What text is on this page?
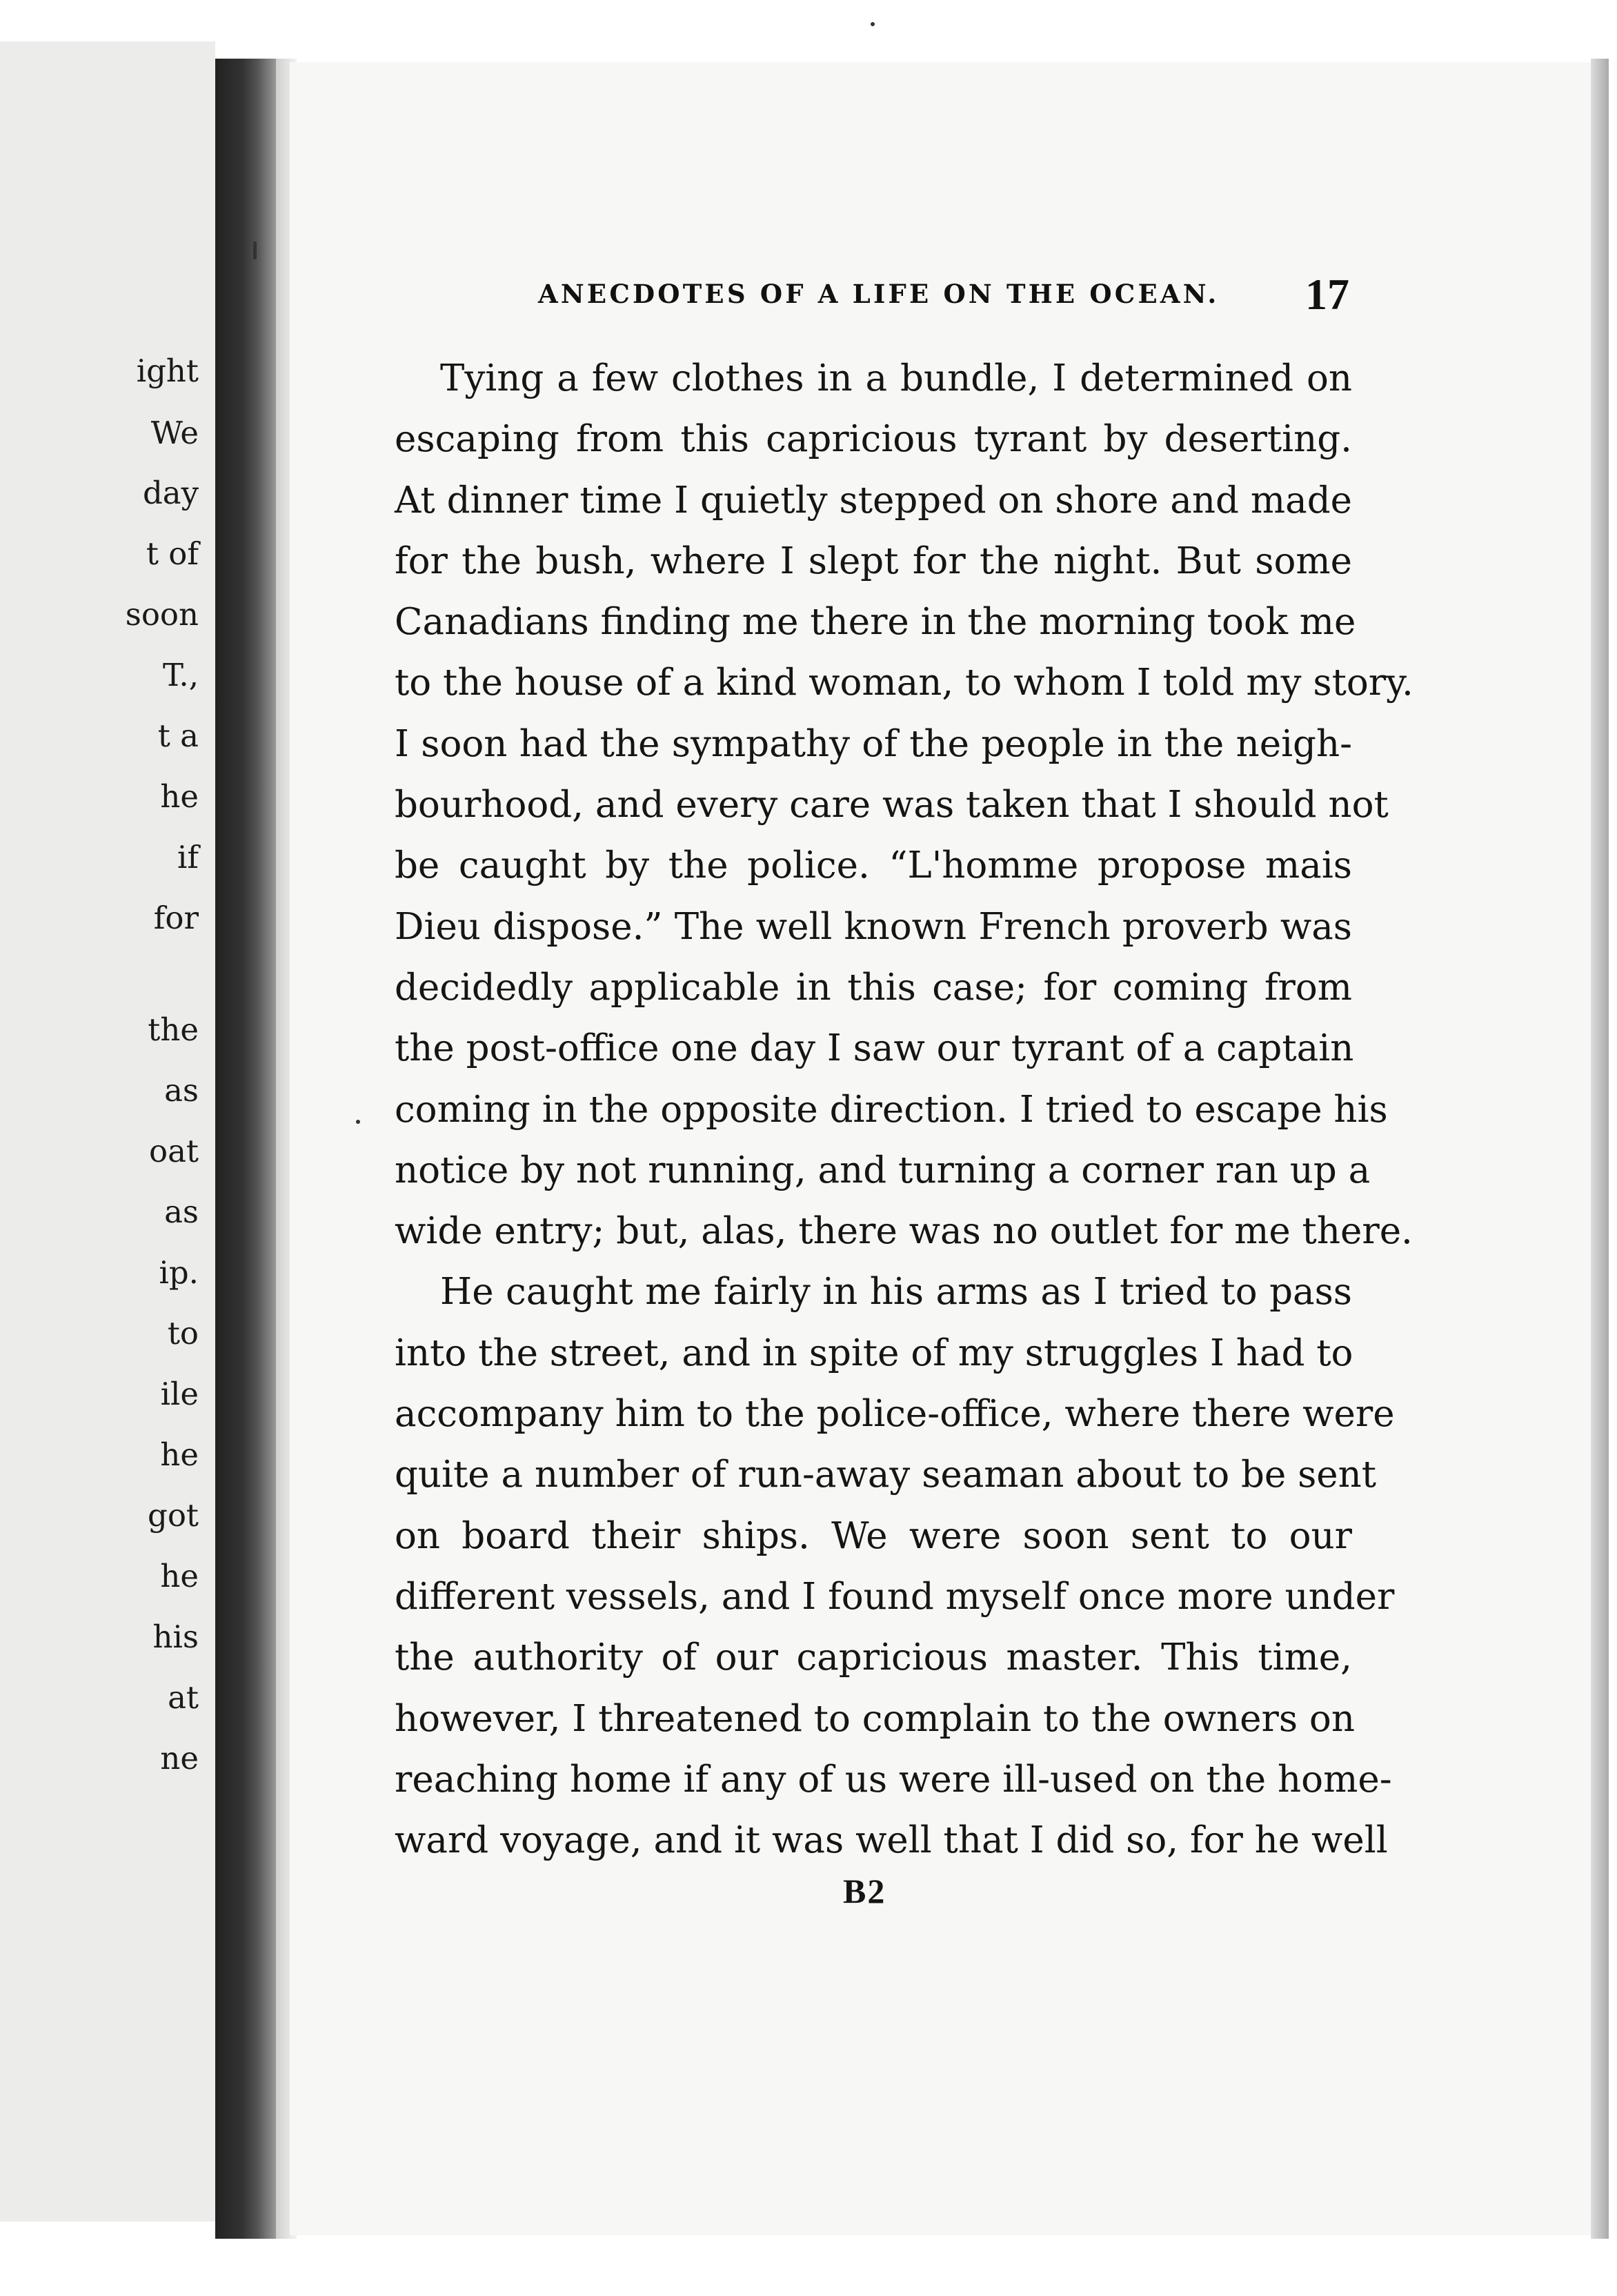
ight
We
day
t of
soon
T.,
t a
he
if
for
the
as
oat
as
ip.
to
ile
he
got
he
his
at
ne
ANECDOTES OF A LIFE ON THE OCEAN. 17
Tying a few clothes in a bundle, I determined on
escaping from this capricious tyrant by deserting.
At dinner time I quietly stepped on shore and made
for the bush, where I slept for the night. But some
Canadians finding me there in the morning took me
to the house of a kind woman, to whom I told my story.
I soon had the sympathy of the people in the neigh-
bourhood, and every care was taken that I should not
be caught by the police. “L'homme propose mais
Dieu dispose.” The well known French proverb was
decidedly applicable in this case; for coming from
the post-office one day I saw our tyrant of a captain
coming in the opposite direction. I tried to escape his
notice by not running, and turning a corner ran up a
wide entry; but, alas, there was no outlet for me there.
He caught me fairly in his arms as I tried to pass
into the street, and in spite of my struggles I had to
accompany him to the police-office, where there were
quite a number of run-away seaman about to be sent
on board their ships. We were soon sent to our
different vessels, and I found myself once more under
the authority of our capricious master. This time,
however, I threatened to complain to the owners on
reaching home if any of us were ill-used on the home-
ward voyage, and it was well that I did so, for he well
B2
